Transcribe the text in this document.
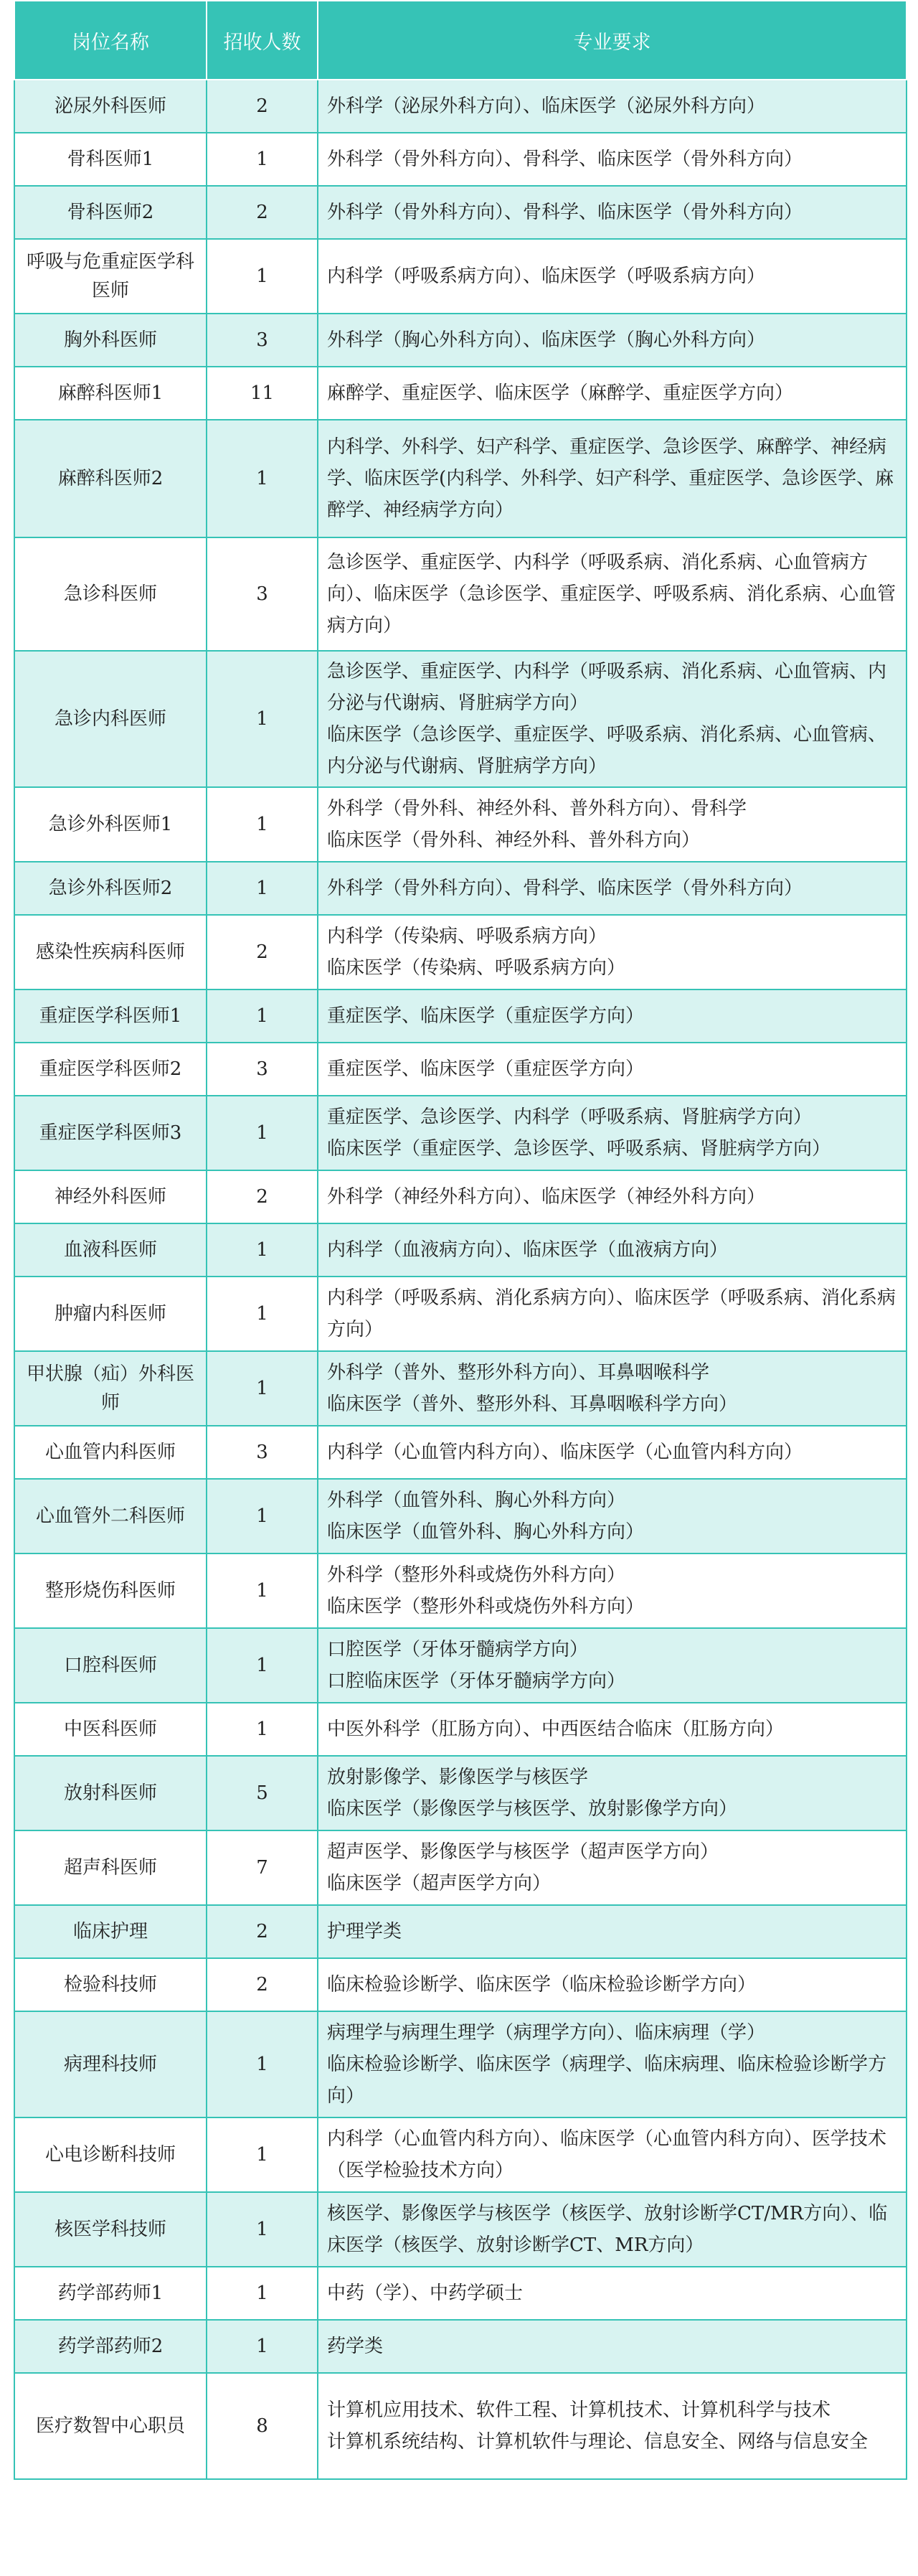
岗位名称	招收人数	专业要求
泌尿外科医师	2	外科学（泌尿外科方向）、临床医学（泌尿外科方向）

骨科医师1	1	外科学（骨外科方向）、骨科学、临床医学（骨外科方向）

骨科医师2	2	外科学（骨外科方向）、骨科学、临床医学（骨外科方向）

呼吸与危重症医学科医师	1	内科学（呼吸系病方向）、临床医学（呼吸系病方向）

胸外科医师	3	外科学（胸心外科方向）、临床医学（胸心外科方向）

麻醉科医师1	11	麻醉学、重症医学、临床医学（麻醉学、重症医学方向）

麻醉科医师2	1	内科学、外科学、妇产科学、重症医学、急诊医学、麻醉学、神经病学、临床医学(内科学、外科学、妇产科学、重症医学、急诊医学、麻醉学、神经病学方向）

急诊科医师	3	急诊医学、重症医学、内科学（呼吸系病、消化系病、心血管病方向）、临床医学（急诊医学、重症医学、呼吸系病、消化系病、心血管病方向）

急诊内科医师	1	急诊医学、重症医学、内科学（呼吸系病、消化系病、心血管病、内分泌与代谢病、肾脏病学方向）
临床医学（急诊医学、重症医学、呼吸系病、消化系病、心血管病、内分泌与代谢病、肾脏病学方向）

急诊外科医师1	1	外科学（骨外科、神经外科、普外科方向）、骨科学
临床医学（骨外科、神经外科、普外科方向）

急诊外科医师2	1	外科学（骨外科方向）、骨科学、临床医学（骨外科方向）

感染性疾病科医师	2	内科学（传染病、呼吸系病方向）
临床医学（传染病、呼吸系病方向）

重症医学科医师1	1	重症医学、临床医学（重症医学方向）

重症医学科医师2	3	重症医学、临床医学（重症医学方向）

重症医学科医师3	1	重症医学、急诊医学、内科学（呼吸系病、肾脏病学方向）
临床医学（重症医学、急诊医学、呼吸系病、肾脏病学方向）

神经外科医师	2	外科学（神经外科方向）、临床医学（神经外科方向）

血液科医师	1	内科学（血液病方向）、临床医学（血液病方向）

肿瘤内科医师	1	内科学（呼吸系病、消化系病方向）、临床医学（呼吸系病、消化系病方向）

甲状腺（疝）外科医师	1	外科学（普外、整形外科方向）、耳鼻咽喉科学
临床医学（普外、整形外科、耳鼻咽喉科学方向）

心血管内科医师	3	内科学（心血管内科方向）、临床医学（心血管内科方向）

心血管外二科医师	1	外科学（血管外科、胸心外科方向）
临床医学（血管外科、胸心外科方向）

整形烧伤科医师	1	外科学（整形外科或烧伤外科方向）
临床医学（整形外科或烧伤外科方向）

口腔科医师	1	口腔医学（牙体牙髓病学方向）
口腔临床医学（牙体牙髓病学方向）

中医科医师	1	中医外科学（肛肠方向）、中西医结合临床（肛肠方向）

放射科医师	5	放射影像学、影像医学与核医学
临床医学（影像医学与核医学、放射影像学方向）

超声科医师	7	超声医学、影像医学与核医学（超声医学方向）
临床医学（超声医学方向）

临床护理	2	护理学类

检验科技师	2	临床检验诊断学、临床医学（临床检验诊断学方向）

病理科技师	1	病理学与病理生理学（病理学方向）、临床病理（学）
临床检验诊断学、临床医学（病理学、临床病理、临床检验诊断学方向）

心电诊断科技师	1	内科学（心血管内科方向）、临床医学（心血管内科方向）、医学技术（医学检验技术方向）

核医学科技师	1	核医学、影像医学与核医学（核医学、放射诊断学CT/MR方向）、临床医学（核医学、放射诊断学CT、MR方向）

药学部药师1	1	中药（学）、中药学硕士

药学部药师2	1	药学类

医疗数智中心职员	8	计算机应用技术、软件工程、计算机技术、计算机科学与技术
计算机系统结构、计算机软件与理论、信息安全、网络与信息安全
